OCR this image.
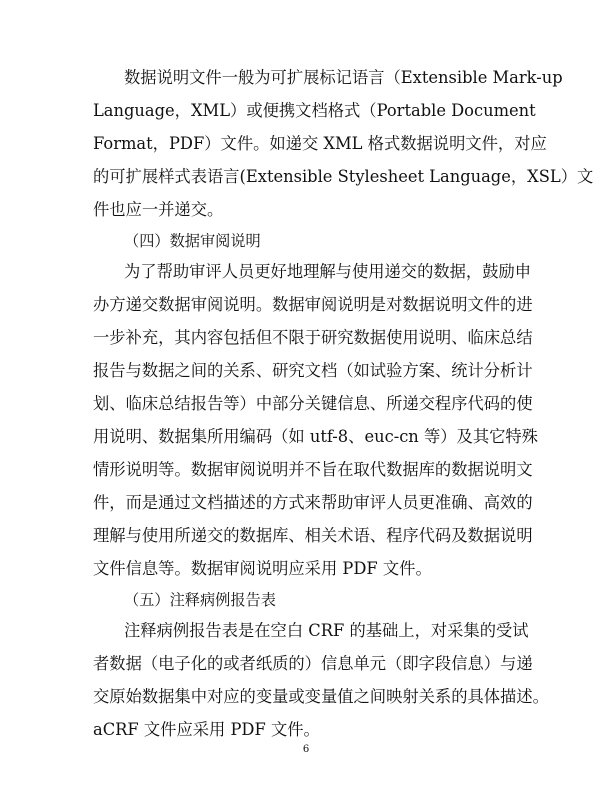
数据说明文件一般为可扩展标记语言（Extensible Mark-up
Language，XML）或便携文档格式（Portable Document
Format，PDF）文件。如递交 XML 格式数据说明文件，对应
的可扩展样式表语言(Extensible Stylesheet Language，XSL）文
件也应一并递交。
（四）数据审阅说明
为了帮助审评人员更好地理解与使用递交的数据，鼓励申
办方递交数据审阅说明。数据审阅说明是对数据说明文件的进
一步补充，其内容包括但不限于研究数据使用说明、临床总结
报告与数据之间的关系、研究文档（如试验方案、统计分析计
划、临床总结报告等）中部分关键信息、所递交程序代码的使
用说明、数据集所用编码（如 utf-8、euc-cn 等）及其它特殊
情形说明等。数据审阅说明并不旨在取代数据库的数据说明文
件，而是通过文档描述的方式来帮助审评人员更准确、高效的
理解与使用所递交的数据库、相关术语、程序代码及数据说明
文件信息等。数据审阅说明应采用 PDF 文件。
（五）注释病例报告表
注释病例报告表是在空白 CRF 的基础上，对采集的受试
者数据（电子化的或者纸质的）信息单元（即字段信息）与递
交原始数据集中对应的变量或变量值之间映射关系的具体描述。
aCRF 文件应采用 PDF 文件。
6
